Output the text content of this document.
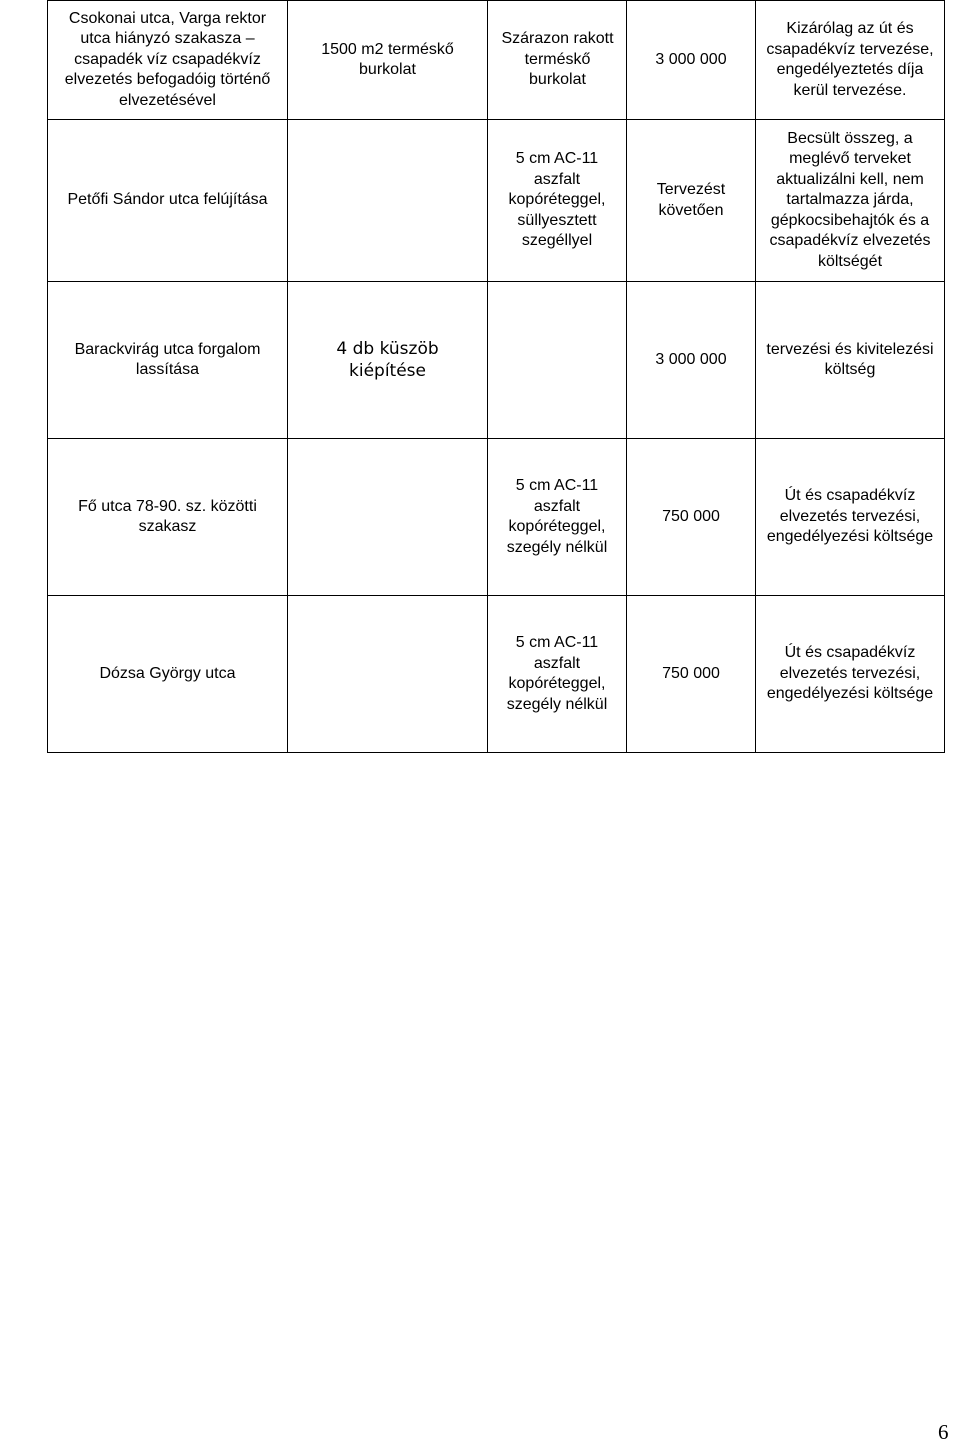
Csokonai utca, Varga rektor utca hiányzó szakasza – csapadék víz csapadékvíz elvezetés befogadóig történő elvezetésével	1500 m2 terméskő burkolat	Szárazon rakott terméskő burkolat	3 000 000	Kizárólag az út és csapadékvíz tervezése, engedélyeztetés díja kerül tervezése.
Petőfi Sándor utca felújítása		5 cm AC-11 aszfalt kopóréteggel, süllyesztett szegéllyel	Tervezést követően	Becsült összeg, a meglévő terveket aktualizálni kell, nem tartalmazza járda, gépkocsibehajtók és a csapadékvíz elvezetés költségét
Barackvirág utca forgalom lassítása	4 db küszöb kiépítése		3 000 000	tervezési és kivitelezési költség
Fő utca 78-90. sz. közötti szakasz		5 cm AC-11 aszfalt kopóréteggel, szegély nélkül	750 000	Út és csapadékvíz elvezetés tervezési, engedélyezési költsége
Dózsa György utca		5 cm AC-11 aszfalt kopóréteggel, szegély nélkül	750 000	Út és csapadékvíz elvezetés tervezési, engedélyezési költsége
6
